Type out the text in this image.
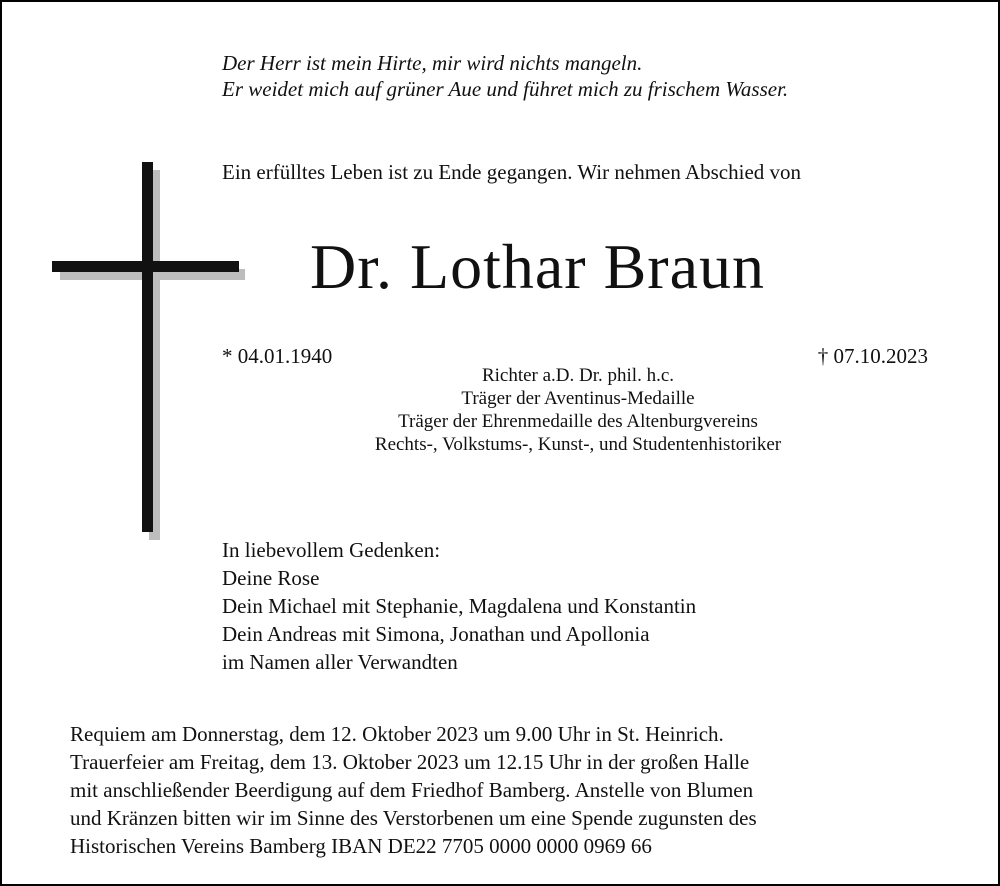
Der Herr ist mein Hirte, mir wird nichts mangeln.
Er weidet mich auf grüner Aue und führet mich zu frischem Wasser.
Ein erfülltes Leben ist zu Ende gegangen. Wir nehmen Abschied von
Dr. Lothar Braun
* 04.01.1940	† 07.10.2023
Richter a.D. Dr. phil. h.c.
Träger der Aventinus-Medaille
Träger der Ehrenmedaille des Altenburgvereins
Rechts-, Volkstums-, Kunst-, und Studentenhistoriker
In liebevollem Gedenken:
Deine Rose
Dein Michael mit Stephanie, Magdalena und Konstantin
Dein Andreas mit Simona, Jonathan und Apollonia
im Namen aller Verwandten
Requiem am Donnerstag, dem 12. Oktober 2023 um 9.00 Uhr in St. Heinrich.
Trauerfeier am Freitag, dem 13. Oktober 2023 um 12.15 Uhr in der großen Halle
mit anschließender Beerdigung auf dem Friedhof Bamberg. Anstelle von Blumen
und Kränzen bitten wir im Sinne des Verstorbenen um eine Spende zugunsten des
Historischen Vereins Bamberg IBAN DE22 7705 0000 0000 0969 66
